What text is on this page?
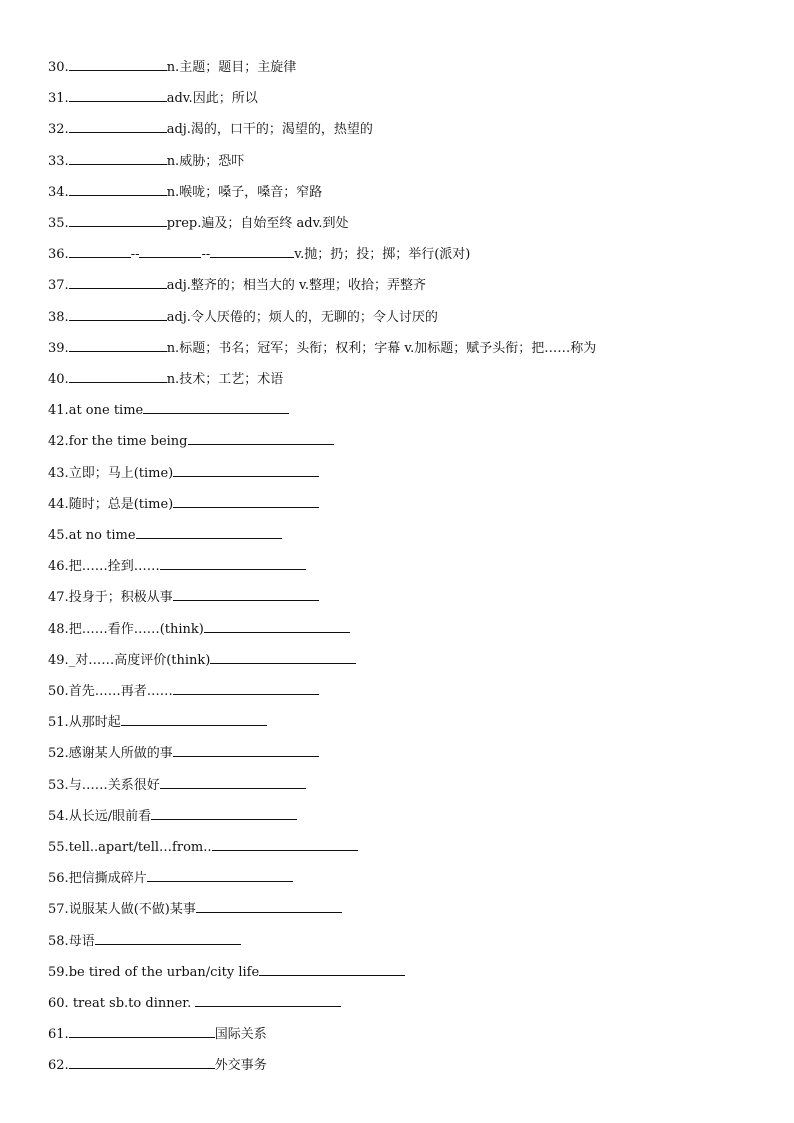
30.	n.主题；题目；主旋律
31.	adv.因此；所以
32.	adj.渴的，口干的；渴望的，热望的
33.	n.威胁；恐吓
34.	n.喉咙；嗓子，嗓音；窄路
35.	prep.遍及；自始至终 adv.到处
36.	--	--	v.抛；扔；投；掷；举行(派对)
37.	adj.整齐的；相当大的 v.整理；收拾；弄整齐
38.	adj.令人厌倦的；烦人的，无聊的；令人讨厌的
39.	n.标题；书名；冠军；头衔；权利；字幕 v.加标题；赋予头衔；把……称为
40.	n.技术；工艺；术语
41.at one time
42.for the time being
43.立即；马上(time)
44.随时；总是(time)
45.at no time
46.把……拴到……
47.投身于；积极从事
48.把……看作……(think)
49._对……高度评价(think)
50.首先……再者……
51.从那时起
52.感谢某人所做的事
53.与……关系很好
54.从长远/眼前看
55.tell..apart/tell…from..
56.把信撕成碎片
57.说服某人做(不做)某事
58.母语
59.be tired of the urban/city life
60. treat sb.to dinner.
61.	国际关系
62.	外交事务
